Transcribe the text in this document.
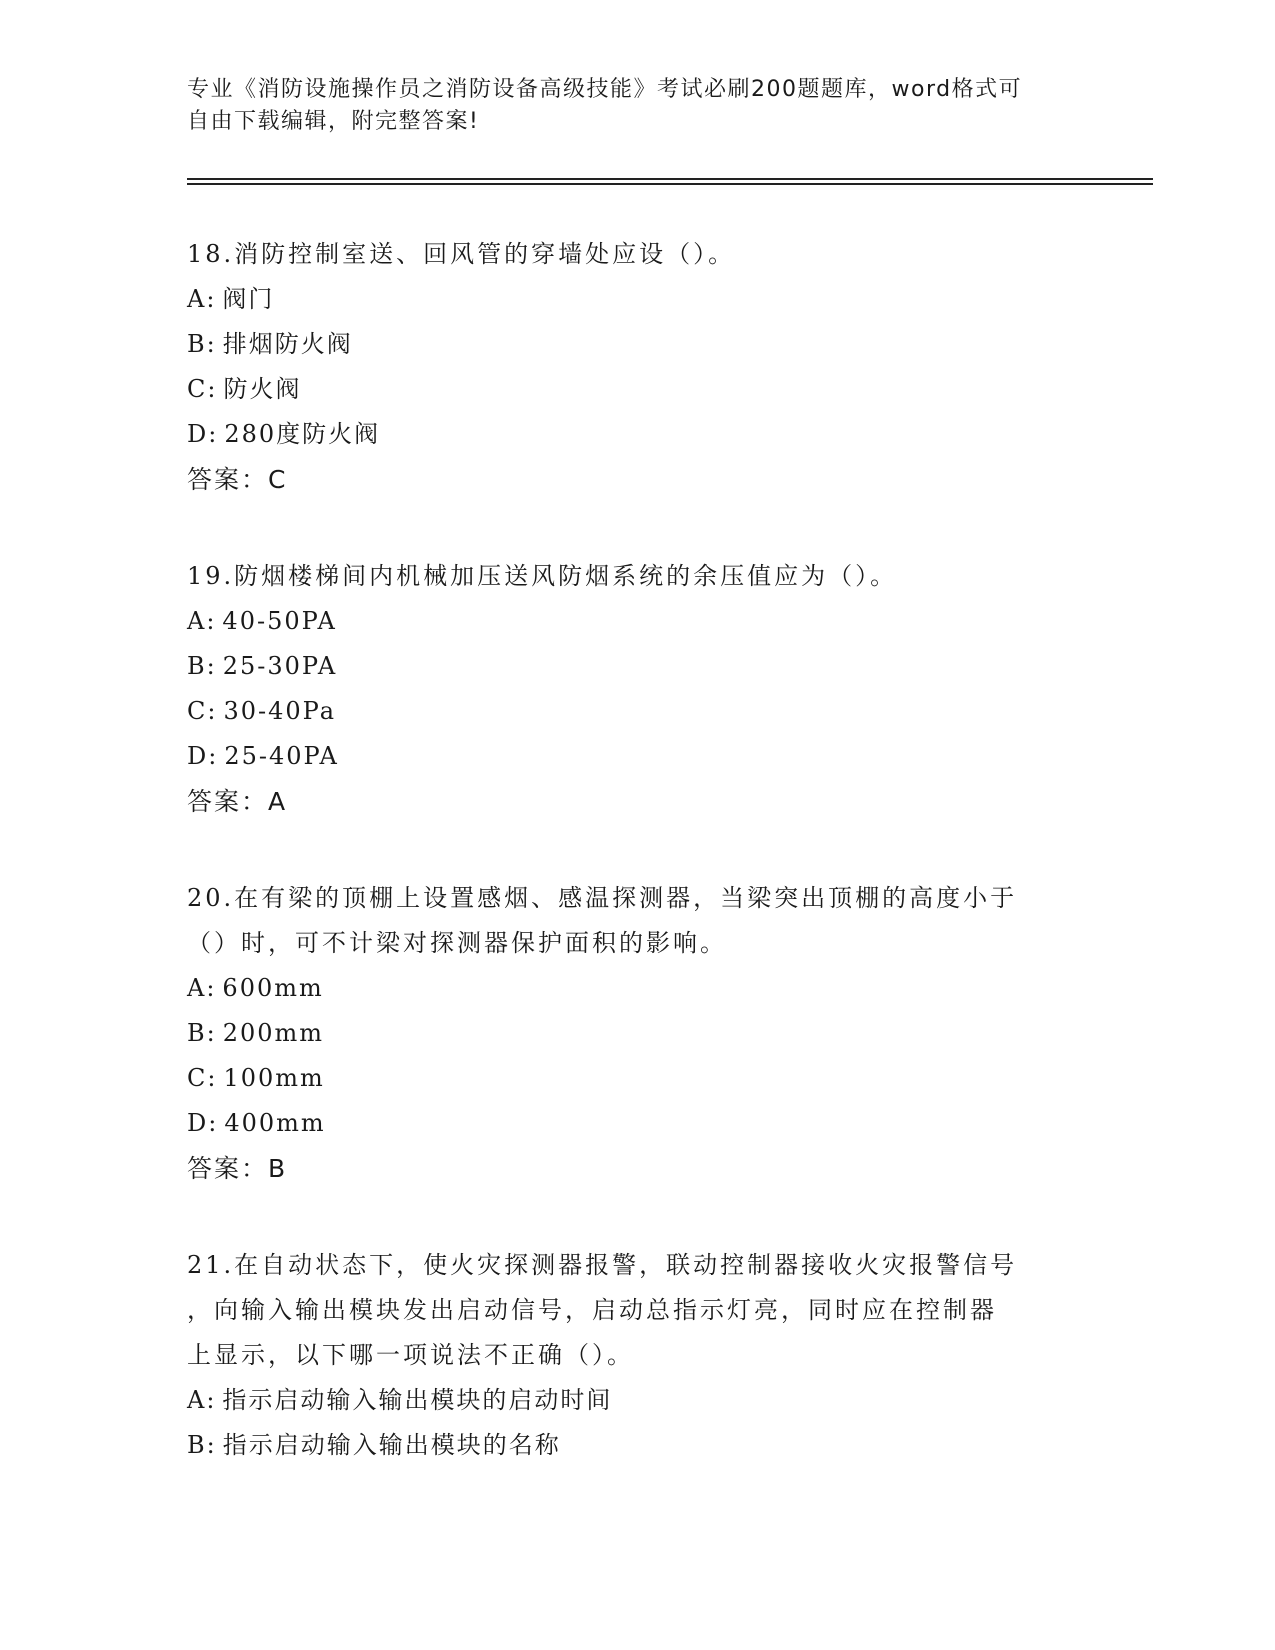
专业《消防设施操作员之消防设备高级技能》考试必刷200题题库，word格式可
自由下载编辑，附完整答案!
18.消防控制室送、回风管的穿墙处应设（）。
A: 阀门
B: 排烟防火阀
C: 防火阀
D: 280度防火阀
答案：C
19.防烟楼梯间内机械加压送风防烟系统的余压值应为（）。
A: 40-50PA
B: 25-30PA
C: 30-40Pa
D: 25-40PA
答案：A
20.在有梁的顶棚上设置感烟、感温探测器，当梁突出顶棚的高度小于
（）时，可不计梁对探测器保护面积的影响。
A: 600mm
B: 200mm
C: 100mm
D: 400mm
答案：B
21.在自动状态下，使火灾探测器报警，联动控制器接收火灾报警信号
，向输入输出模块发出启动信号，启动总指示灯亮，同时应在控制器
上显示，以下哪一项说法不正确（）。
A: 指示启动输入输出模块的启动时间
B: 指示启动输入输出模块的名称
